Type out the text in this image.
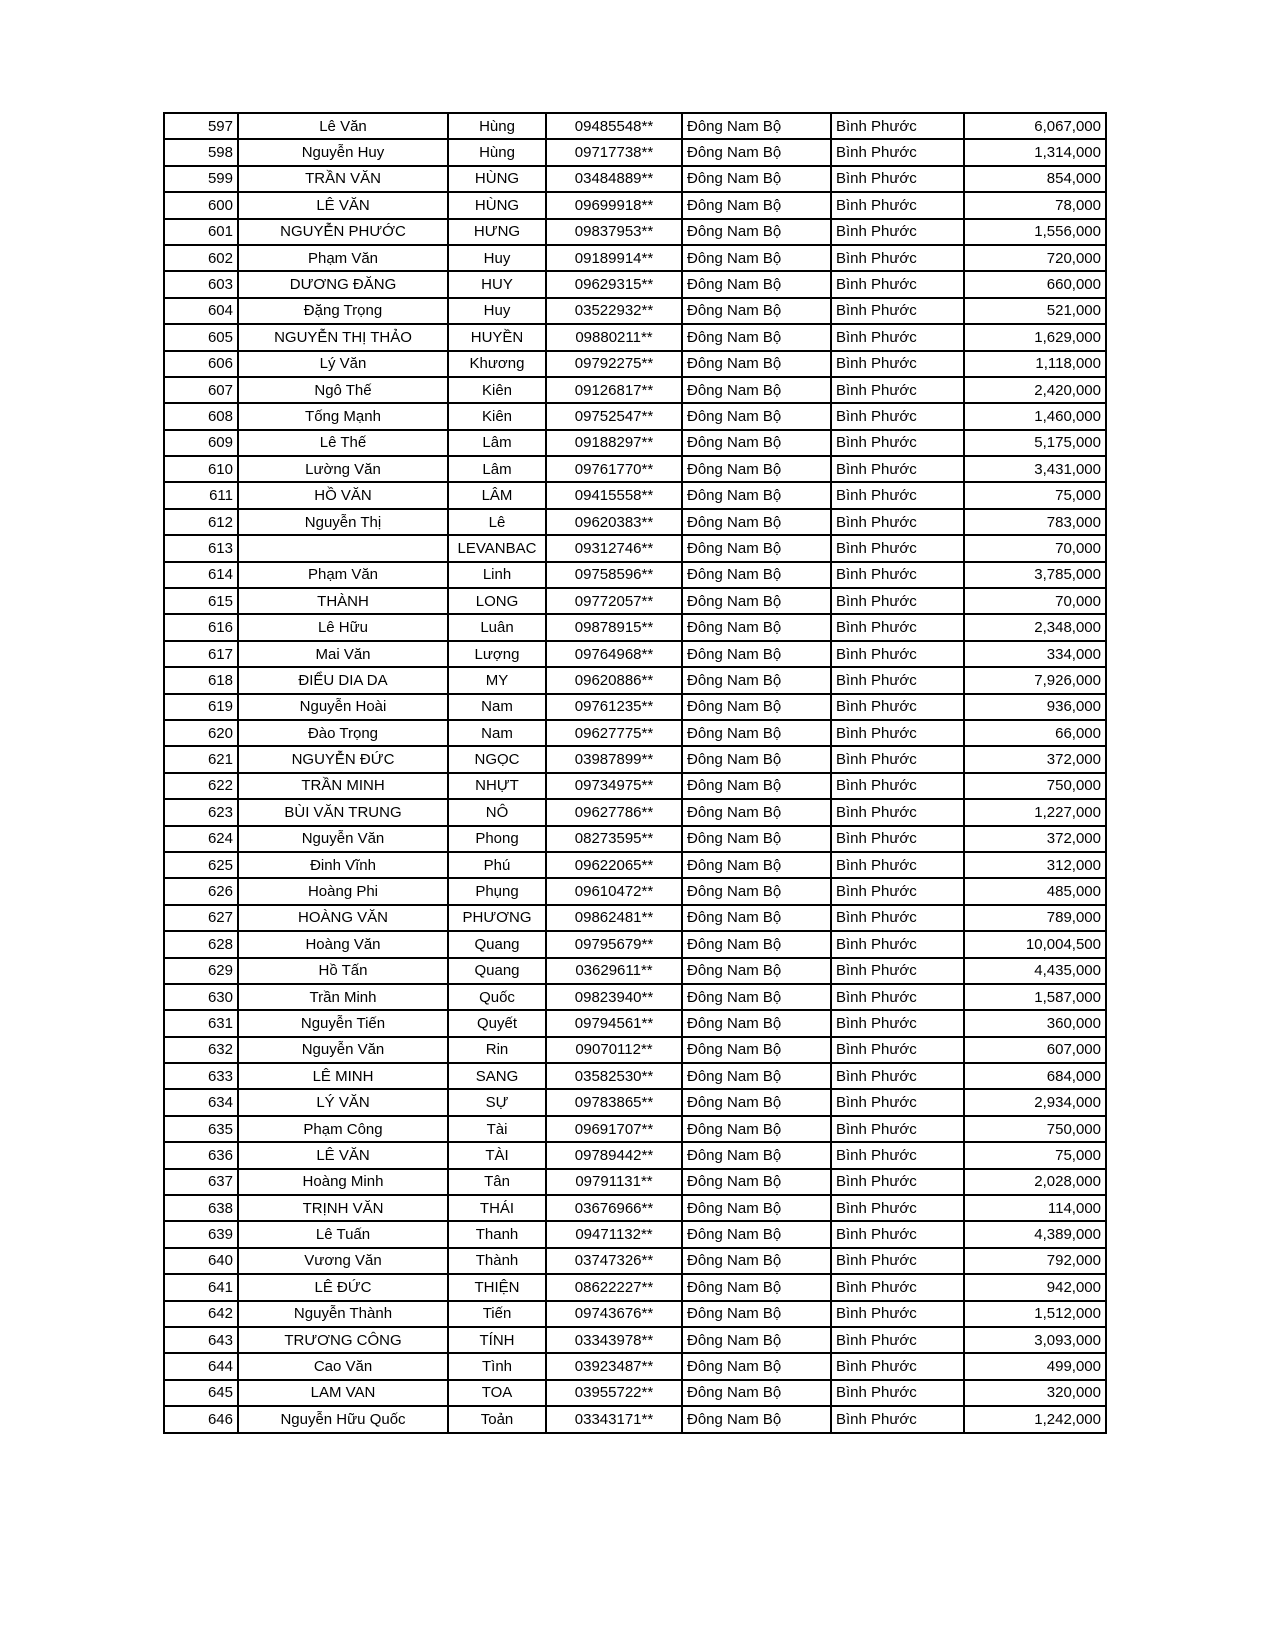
597	Lê Văn	Hùng	09485548**	Đông Nam Bộ	Bình Phước	6,067,000
598	Nguyễn Huy	Hùng	09717738**	Đông Nam Bộ	Bình Phước	1,314,000
599	TRẦN VĂN	HÙNG	03484889**	Đông Nam Bộ	Bình Phước	854,000
600	LÊ VĂN	HÙNG	09699918**	Đông Nam Bộ	Bình Phước	78,000
601	NGUYỄN PHƯỚC	HƯNG	09837953**	Đông Nam Bộ	Bình Phước	1,556,000
602	Phạm Văn	Huy	09189914**	Đông Nam Bộ	Bình Phước	720,000
603	DƯƠNG ĐĂNG	HUY	09629315**	Đông Nam Bộ	Bình Phước	660,000
604	Đặng Trọng	Huy	03522932**	Đông Nam Bộ	Bình Phước	521,000
605	NGUYỄN THỊ THẢO	HUYỀN	09880211**	Đông Nam Bộ	Bình Phước	1,629,000
606	Lý Văn	Khương	09792275**	Đông Nam Bộ	Bình Phước	1,118,000
607	Ngô Thế	Kiên	09126817**	Đông Nam Bộ	Bình Phước	2,420,000
608	Tống Mạnh	Kiên	09752547**	Đông Nam Bộ	Bình Phước	1,460,000
609	Lê Thế	Lâm	09188297**	Đông Nam Bộ	Bình Phước	5,175,000
610	Lường Văn	Lâm	09761770**	Đông Nam Bộ	Bình Phước	3,431,000
611	HỒ VĂN	LÂM	09415558**	Đông Nam Bộ	Bình Phước	75,000
612	Nguyễn Thị	Lê	09620383**	Đông Nam Bộ	Bình Phước	783,000
613		LEVANBAC	09312746**	Đông Nam Bộ	Bình Phước	70,000
614	Phạm Văn	Linh	09758596**	Đông Nam Bộ	Bình Phước	3,785,000
615	THÀNH	LONG	09772057**	Đông Nam Bộ	Bình Phước	70,000
616	Lê Hữu	Luân	09878915**	Đông Nam Bộ	Bình Phước	2,348,000
617	Mai Văn	Lượng	09764968**	Đông Nam Bộ	Bình Phước	334,000
618	ĐIỂU DIA DA	MY	09620886**	Đông Nam Bộ	Bình Phước	7,926,000
619	Nguyễn Hoài	Nam	09761235**	Đông Nam Bộ	Bình Phước	936,000
620	Đào Trọng	Nam	09627775**	Đông Nam Bộ	Bình Phước	66,000
621	NGUYỄN ĐỨC	NGỌC	03987899**	Đông Nam Bộ	Bình Phước	372,000
622	TRẦN MINH	NHỰT	09734975**	Đông Nam Bộ	Bình Phước	750,000
623	BÙI VĂN TRUNG	NÔ	09627786**	Đông Nam Bộ	Bình Phước	1,227,000
624	Nguyễn Văn	Phong	08273595**	Đông Nam Bộ	Bình Phước	372,000
625	Đinh Vĩnh	Phú	09622065**	Đông Nam Bộ	Bình Phước	312,000
626	Hoàng Phi	Phụng	09610472**	Đông Nam Bộ	Bình Phước	485,000
627	HOÀNG VĂN	PHƯƠNG	09862481**	Đông Nam Bộ	Bình Phước	789,000
628	Hoàng Văn	Quang	09795679**	Đông Nam Bộ	Bình Phước	10,004,500
629	Hồ Tấn	Quang	03629611**	Đông Nam Bộ	Bình Phước	4,435,000
630	Trần Minh	Quốc	09823940**	Đông Nam Bộ	Bình Phước	1,587,000
631	Nguyễn Tiến	Quyết	09794561**	Đông Nam Bộ	Bình Phước	360,000
632	Nguyễn Văn	Rin	09070112**	Đông Nam Bộ	Bình Phước	607,000
633	LÊ MINH	SANG	03582530**	Đông Nam Bộ	Bình Phước	684,000
634	LÝ VĂN	SỰ	09783865**	Đông Nam Bộ	Bình Phước	2,934,000
635	Phạm Công	Tài	09691707**	Đông Nam Bộ	Bình Phước	750,000
636	LÊ VĂN	TÀI	09789442**	Đông Nam Bộ	Bình Phước	75,000
637	Hoàng Minh	Tân	09791131**	Đông Nam Bộ	Bình Phước	2,028,000
638	TRỊNH VĂN	THÁI	03676966**	Đông Nam Bộ	Bình Phước	114,000
639	Lê Tuấn	Thanh	09471132**	Đông Nam Bộ	Bình Phước	4,389,000
640	Vương Văn	Thành	03747326**	Đông Nam Bộ	Bình Phước	792,000
641	LÊ ĐỨC	THIỆN	08622227**	Đông Nam Bộ	Bình Phước	942,000
642	Nguyễn Thành	Tiến	09743676**	Đông Nam Bộ	Bình Phước	1,512,000
643	TRƯƠNG CÔNG	TÍNH	03343978**	Đông Nam Bộ	Bình Phước	3,093,000
644	Cao Văn	Tình	03923487**	Đông Nam Bộ	Bình Phước	499,000
645	LAM VAN	TOA	03955722**	Đông Nam Bộ	Bình Phước	320,000
646	Nguyễn Hữu Quốc	Toản	03343171**	Đông Nam Bộ	Bình Phước	1,242,000
